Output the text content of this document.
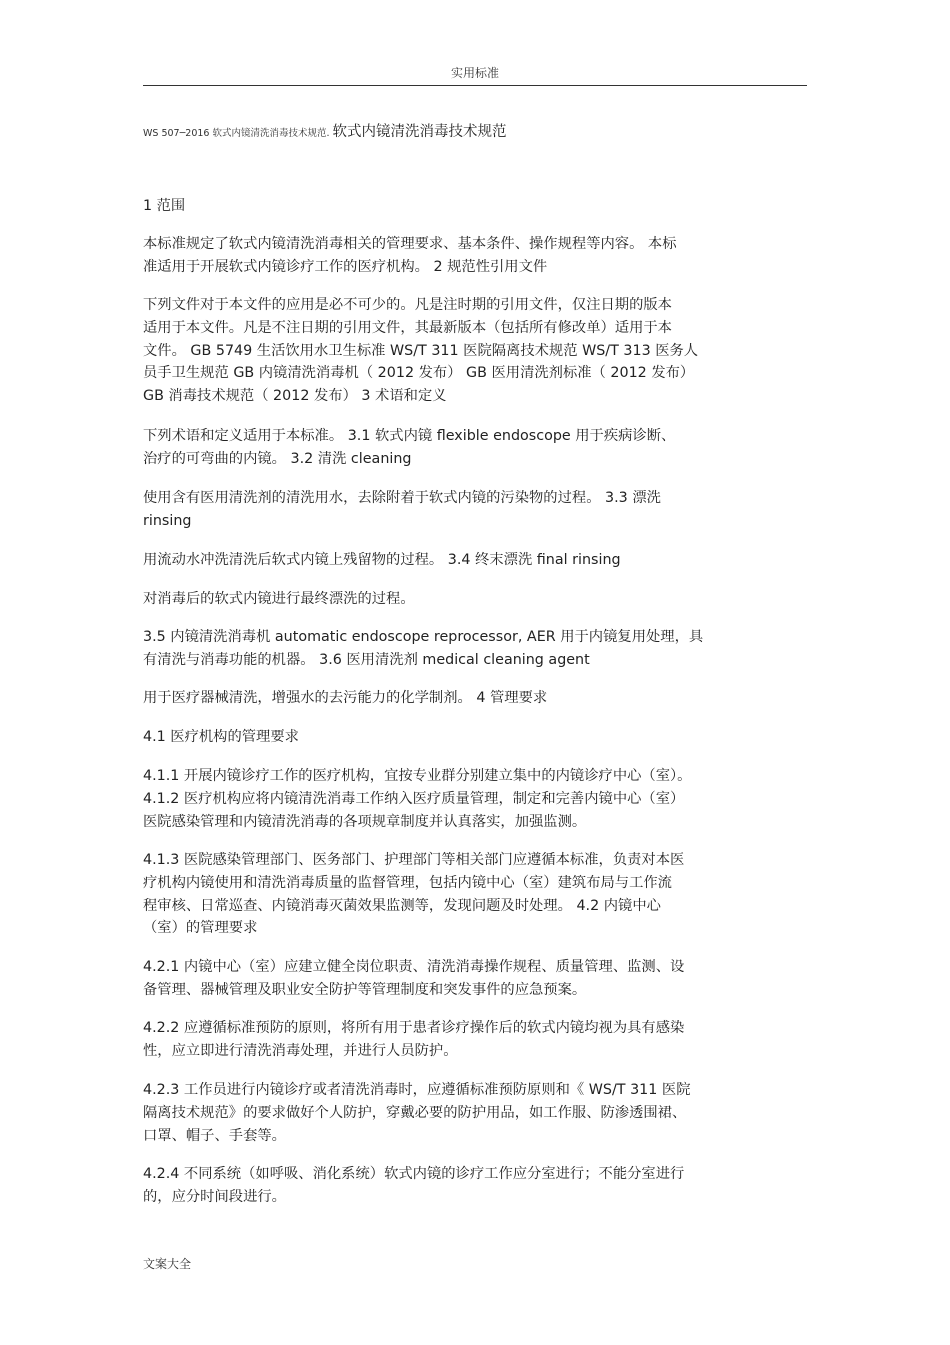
实用标准
WS 507─2016 软式内镜清洗消毒技术规范. 软式内镜清洗消毒技术规范
1 范围
本标准规定了软式内镜清洗消毒相关的管理要求、基本条件、操作规程等内容。 本标
准适用于开展软式内镜诊疗工作的医疗机构。 2 规范性引用文件
下列文件对于本文件的应用是必不可少的。凡是注时期的引用文件，仅注日期的版本
适用于本文件。凡是不注日期的引用文件，其最新版本（包括所有修改单）适用于本
文件。 GB 5749 生活饮用水卫生标准 WS/T 311 医院隔离技术规范 WS/T 313 医务人
员手卫生规范 GB 内镜清洗消毒机（ 2012 发布） GB 医用清洗剂标准（ 2012 发布）
GB 消毒技术规范（ 2012 发布） 3 术语和定义
下列术语和定义适用于本标准。 3.1 软式内镜 flexible endoscope 用于疾病诊断、
治疗的可弯曲的内镜。 3.2 清洗 cleaning
使用含有医用清洗剂的清洗用水，去除附着于软式内镜的污染物的过程。 3.3 漂洗
rinsing
用流动水冲洗清洗后软式内镜上残留物的过程。 3.4 终末漂洗 final rinsing
对消毒后的软式内镜进行最终漂洗的过程。
3.5 内镜清洗消毒机 automatic endoscope reprocessor, AER 用于内镜复用处理，具
有清洗与消毒功能的机器。 3.6 医用清洗剂 medical cleaning agent
用于医疗器械清洗，增强水的去污能力的化学制剂。 4 管理要求
4.1 医疗机构的管理要求
4.1.1 开展内镜诊疗工作的医疗机构，宜按专业群分别建立集中的内镜诊疗中心（室）。
4.1.2 医疗机构应将内镜清洗消毒工作纳入医疗质量管理，制定和完善内镜中心（室）
医院感染管理和内镜清洗消毒的各项规章制度并认真落实，加强监测。
4.1.3 医院感染管理部门、医务部门、护理部门等相关部门应遵循本标准，负责对本医
疗机构内镜使用和清洗消毒质量的监督管理，包括内镜中心（室）建筑布局与工作流
程审核、日常巡查、内镜消毒灭菌效果监测等，发现问题及时处理。 4.2 内镜中心
（室）的管理要求
4.2.1 内镜中心（室）应建立健全岗位职责、清洗消毒操作规程、质量管理、监测、设
备管理、器械管理及职业安全防护等管理制度和突发事件的应急预案。
4.2.2 应遵循标准预防的原则，将所有用于患者诊疗操作后的软式内镜均视为具有感染
性，应立即进行清洗消毒处理，并进行人员防护。
4.2.3 工作员进行内镜诊疗或者清洗消毒时，应遵循标准预防原则和《 WS/T 311 医院
隔离技术规范》的要求做好个人防护，穿戴必要的防护用品，如工作服、防渗透围裙、
口罩、帽子、手套等。
4.2.4 不同系统（如呼吸、消化系统）软式内镜的诊疗工作应分室进行；不能分室进行
的，应分时间段进行。
文案大全
